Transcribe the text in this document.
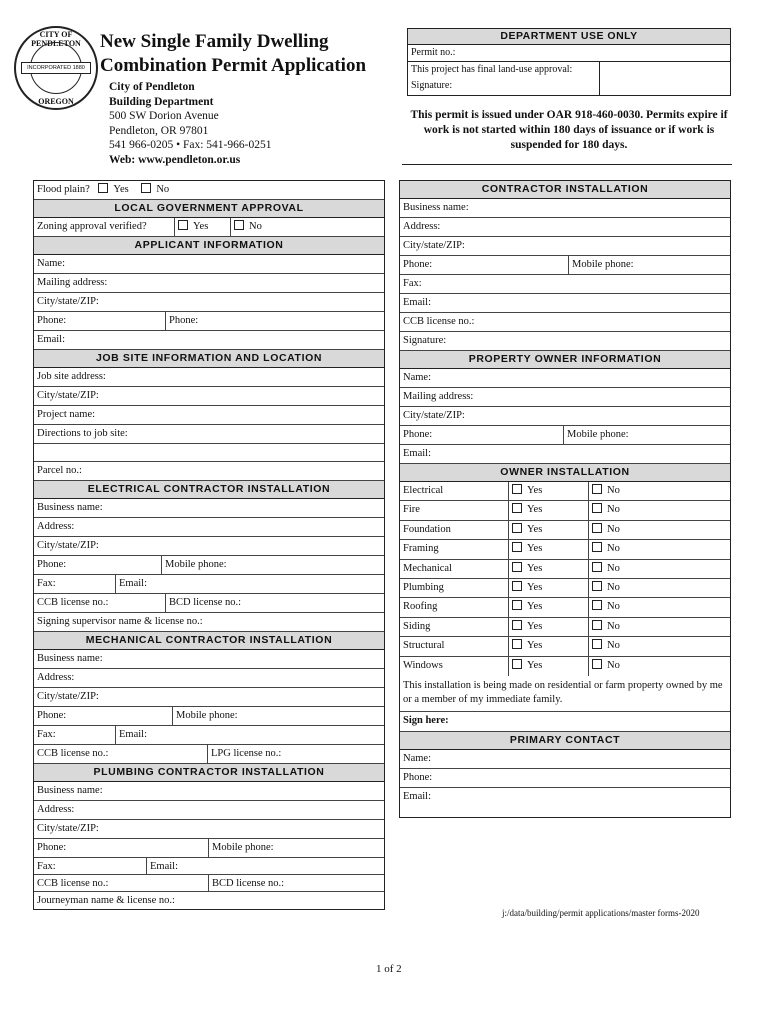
CITY OF PENDLETON
INCORPORATED 1880
OREGON
New Single Family Dwelling
Combination Permit Application
City of Pendleton
Building Department
500 SW Dorion Avenue
Pendleton, OR 97801
541 966-0205 • Fax: 541-966-0251
Web: www.pendleton.or.us
DEPARTMENT USE ONLY
Permit no.:
This project has final land-use approval:
Signature:
This permit is issued under OAR 918-460-0030. Permits expire if work is not started within 180 days of issuance or if work is suspended for 180 days.
Flood plain? Yes	No
LOCAL GOVERNMENT APPROVAL
Zoning approval verified?	Yes	No
APPLICANT INFORMATION
Name:
Mailing address:
City/state/ZIP:
Phone:	Phone:
Email:
JOB SITE INFORMATION AND LOCATION
Job site address:
City/state/ZIP:
Project name:
Directions to job site:
Parcel no.:
ELECTRICAL CONTRACTOR INSTALLATION
Business name:
Address:
City/state/ZIP:
Phone:	Mobile phone:
Fax:	Email:
CCB license no.:	BCD license no.:
Signing supervisor name & license no.:
MECHANICAL CONTRACTOR INSTALLATION
Business name:
Address:
City/state/ZIP:
Phone:	Mobile phone:
Fax:	Email:
CCB license no.:	LPG license no.:
PLUMBING CONTRACTOR INSTALLATION
Business name:
Address:
City/state/ZIP:
Phone:	Mobile phone:
Fax:	Email:
CCB license no.:	BCD license no.:
Journeyman name & license no.:
CONTRACTOR INSTALLATION
Business name:
Address:
City/state/ZIP:
Phone:	Mobile phone:
Fax:
Email:
CCB license no.:
Signature:
PROPERTY OWNER INFORMATION
Name:
Mailing address:
City/state/ZIP:
Phone:	Mobile phone:
Email:
OWNER INSTALLATION
Electrical	Yes	No
Fire	Yes	No
Foundation	Yes	No
Framing	Yes	No
Mechanical	Yes	No
Plumbing	Yes	No
Roofing	Yes	No
Siding	Yes	No
Structural	Yes	No
Windows	Yes	No
This installation is being made on residential or farm property owned by me or a member of my immediate family.
Sign here:
PRIMARY CONTACT
Name:
Phone:
Email:
j:/data/building/permit applications/master forms-2020
1 of 2
